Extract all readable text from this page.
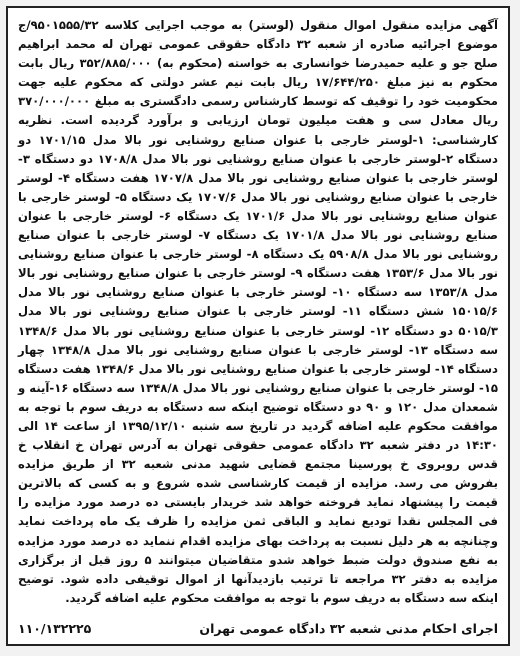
آگهی مزایده منقول اموال منقول (لوستر) به موجب اجرایی کلاسه ۹۵۰۱۵۵۵/۳۲/ج موضوع اجرائیه صادره از شعبه ۳۲ دادگاه حقوقی عمومی تهران له محمد ابراهیم صلح جو و علیه حمیدرضا خوانساری به خواسته (محکوم به) ۳۵۲/۸۸۵/۰۰۰ ریال بابت محکوم به نیز مبلغ ۱۷/۶۴۴/۲۵۰ ریال بابت نیم عشر دولتی که محکوم علیه جهت محکومیت خود را توقیف که توسط کارشناس رسمی دادگستری به مبلغ ۳۷۰/۰۰۰/۰۰۰ ریال معادل سی و هفت میلیون تومان ارزیابی و برآورد گردیده است. نظریه کارشناسی: ۱-لوستر خارجی با عنوان صنایع روشنایی نور بالا مدل ۱۷۰۱/۱۵ دو دستگاه ۲-لوستر خارجی با عنوان صنایع روشنایی نور بالا مدل ۱۷۰۸/۸ دو دستگاه ۳- لوستر خارجی با عنوان صنایع روشنایی نور بالا مدل ۱۷۰۷/۸ هفت دستگاه ۴- لوستر خارجی با عنوان صنایع روشنایی نور بالا مدل ۱۷۰۷/۶ یک دستگاه ۵- لوستر خارجی با عنوان صنایع روشنایی نور بالا مدل ۱۷۰۱/۶ یک دستگاه ۶- لوستر خارجی با عنوان صنایع روشنایی نور بالا مدل ۱۷۰۱/۸ یک دستگاه ۷- لوستر خارجی با عنوان صنایع روشنایی نور بالا مدل ۵۹۰۸/۸ یک دستگاه ۸- لوستر خارجی با عنوان صنایع روشنایی نور بالا مدل ۱۳۵۳/۶ هفت دستگاه ۹- لوستر خارجی با عنوان صنایع روشنایی نور بالا مدل ۱۳۵۳/۸ سه دستگاه ۱۰- لوستر خارجی با عنوان صنایع روشنایی نور بالا مدل ۱۵۰۱۵/۶ شش دستگاه ۱۱- لوستر خارجی با عنوان صنایع روشنایی نور بالا مدل ۵۰۱۵/۳ دو دستگاه ۱۲- لوستر خارجی با عنوان صنایع روشنایی نور بالا مدل ۱۳۴۸/۶ سه دستگاه ۱۳- لوستر خارجی با عنوان صنایع روشنایی نور بالا مدل ۱۳۴۸/۸ چهار دستگاه ۱۴- لوستر خارجی با عنوان صنایع روشنایی نور بالا مدل ۱۳۴۸/۶ هفت دستگاه ۱۵- لوستر خارجی با عنوان صنایع روشنایی نور بالا مدل ۱۳۴۸/۸ سه دستگاه ۱۶-آینه و شمعدان مدل ۱۲۰ و ۹۰ دو دستگاه توضیح اینکه سه دستگاه به دریف سوم با توجه به موافقت محکوم علیه اضافه گردید در تاریخ سه شنبه ۱۳۹۵/۱۲/۱۰ از ساعت ۱۴ الی ۱۴:۳۰ در دفتر شعبه ۳۲ دادگاه عمومی حقوقی تهران به آدرس تهران خ انقلاب خ قدس روبروی خ پورسینا مجتمع قضایی شهید مدنی شعبه ۳۲ از طریق مزایده بفروش می رسد. مزایده از قیمت کارشناسی شده شروع و به کسی که بالاترین قیمت را پیشنهاد نماید فروخته خواهد شد خریدار بایستی ده درصد مورد مزایده را فی المجلس نقدا تودیع نماید و الباقی ثمن مزایده را ظرف یک ماه پرداخت نماید وچنانچه به هر دلیل نسبت به پرداخت بهای مزایده اقدام ننماید ده درصد مورد مزایده به نفع صندوق دولت ضبط خواهد شدو متقاضیان میتوانند ۵ روز قبل از برگزاری مزایده به دفتر ۳۲ مراجعه تا ترتیب بازدیدآنها از اموال توقیفی داده شود. توضیح اینکه سه دستگاه به دریف سوم با توجه به موافقت محکوم علیه اضافه گردید.

اجرای احکام مدنی شعبه ۳۲ دادگاه عمومی تهران
۱۱۰/۱۳۲۲۲۵
